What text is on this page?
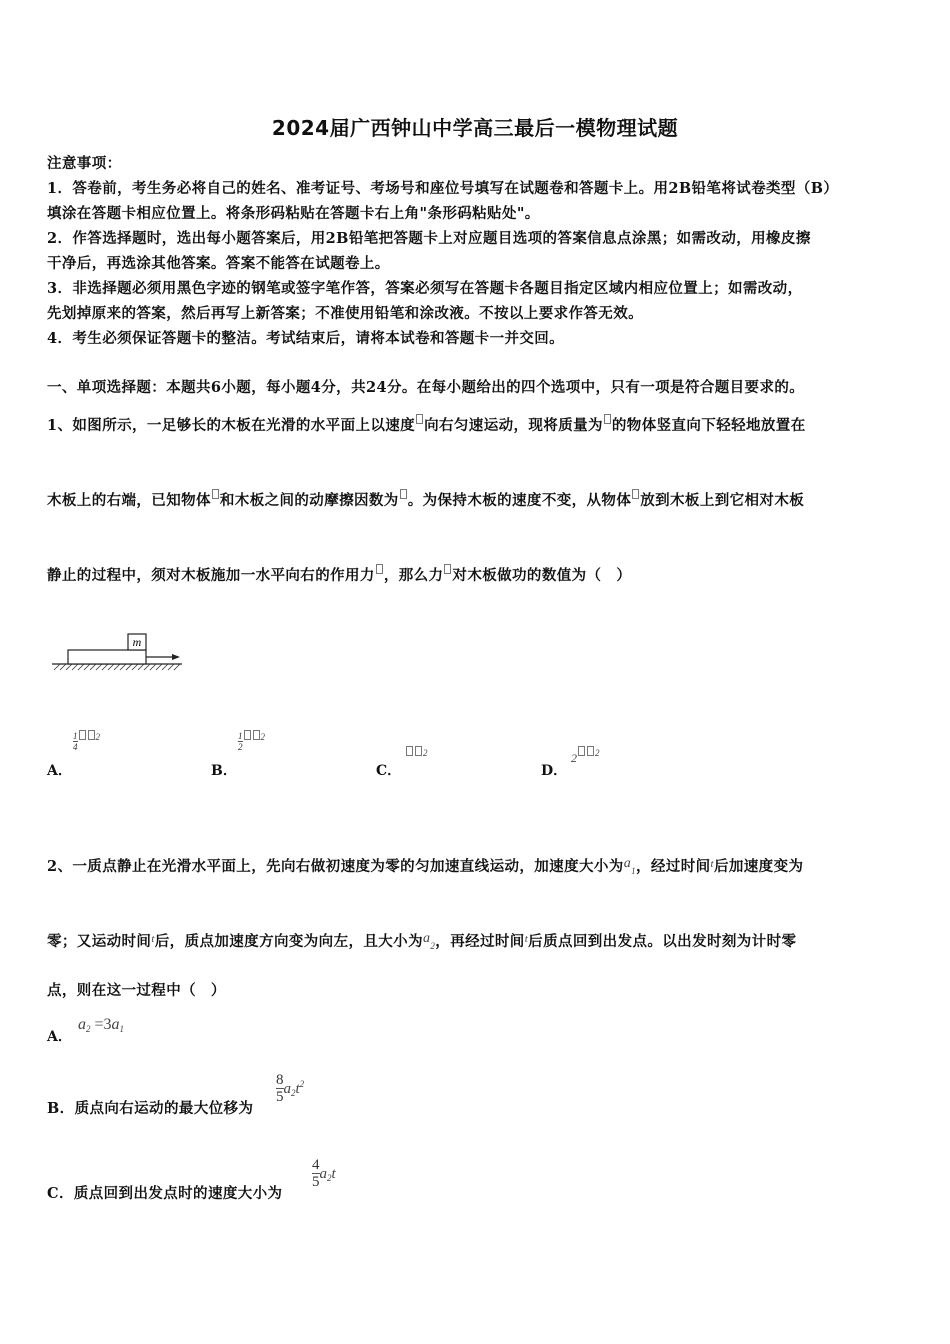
2024届广西钟山中学高三最后一模物理试题
注意事项：
1．答卷前，考生务必将自己的姓名、准考证号、考场号和座位号填写在试题卷和答题卡上。用2B铅笔将试卷类型（B）
填涂在答题卡相应位置上。将条形码粘贴在答题卡右上角"条形码粘贴处"。
2．作答选择题时，选出每小题答案后，用2B铅笔把答题卡上对应题目选项的答案信息点涂黑；如需改动，用橡皮擦
干净后，再选涂其他答案。答案不能答在试题卷上。
3．非选择题必须用黑色字迹的钢笔或签字笔作答，答案必须写在答题卡各题目指定区域内相应位置上；如需改动，
先划掉原来的答案，然后再写上新答案；不准使用铅笔和涂改液。不按以上要求作答无效。
4．考生必须保证答题卡的整洁。考试结束后，请将本试卷和答题卡一并交回。
一、单项选择题：本题共6小题，每小题4分，共24分。在每小题给出的四个选项中，只有一项是符合题目要求的。
1、如图所示，一足够长的木板在光滑的水平面上以速度 向右匀速运动，现将质量为 的物体竖直向下轻轻地放置在
木板上的右端，已知物体 和木板之间的动摩擦因数为 。为保持木板的速度不变，从物体 放到木板上到它相对木板
静止的过程中，须对木板施加一水平向右的作用力 ，那么力 对木板做功的数值为（　）
m
$\frac{1}{4} ^2$
A．
$\frac{1}{2} ^2$
B．
$^2$
C．
2 $^2$
D．
2、一质点静止在光滑水平面上，先向右做初速度为零的匀加速直线运动，加速度大小为$a_1$，经过时间$^t$后加速度变为
零；又运动时间$^t$后，质点加速度方向变为向左，且大小为$a_2$，再经过时间$^t$后质点回到出发点。以出发时刻为计时零
点，则在这一过程中（　）
A．
$a_2 =3a_1$
B．质点向右运动的最大位移为
$\frac{8}{5} a_2t^2$
C．质点回到出发点时的速度大小为
$\frac{4}{5} a_2t$
